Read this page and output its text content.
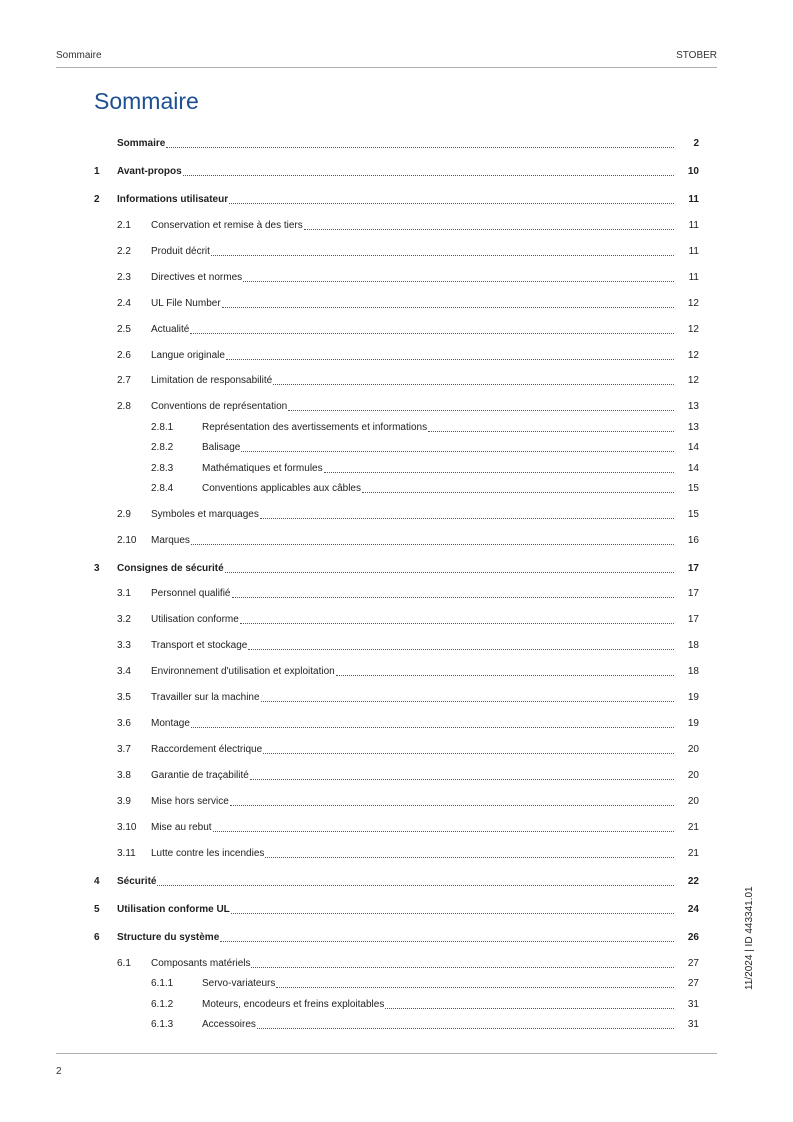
Sommaire	STOBER
Sommaire
Sommaire	2
1 Avant-propos	10
2 Informations utilisateur	11
2.1 Conservation et remise à des tiers	11
2.2 Produit décrit	11
2.3 Directives et normes	11
2.4 UL File Number	12
2.5 Actualité	12
2.6 Langue originale	12
2.7 Limitation de responsabilité	12
2.8 Conventions de représentation	13
2.8.1	Représentation des avertissements et informations	13
2.8.2	Balisage	14
2.8.3	Mathématiques et formules	14
2.8.4	Conventions applicables aux câbles	15
2.9 Symboles et marquages	15
2.10 Marques	16
3 Consignes de sécurité	17
3.1 Personnel qualifié	17
3.2 Utilisation conforme	17
3.3 Transport et stockage	18
3.4 Environnement d'utilisation et exploitation	18
3.5 Travailler sur la machine	19
3.6 Montage	19
3.7 Raccordement électrique	20
3.8 Garantie de traçabilité	20
3.9 Mise hors service	20
3.10 Mise au rebut	21
3.11 Lutte contre les incendies	21
4 Sécurité	22
5 Utilisation conforme UL	24
6 Structure du système	26
6.1 Composants matériels	27
6.1.1	Servo-variateurs	27
6.1.2	Moteurs, encodeurs et freins exploitables	31
6.1.3	Accessoires	31
11/2024 | ID 443341.01
2
